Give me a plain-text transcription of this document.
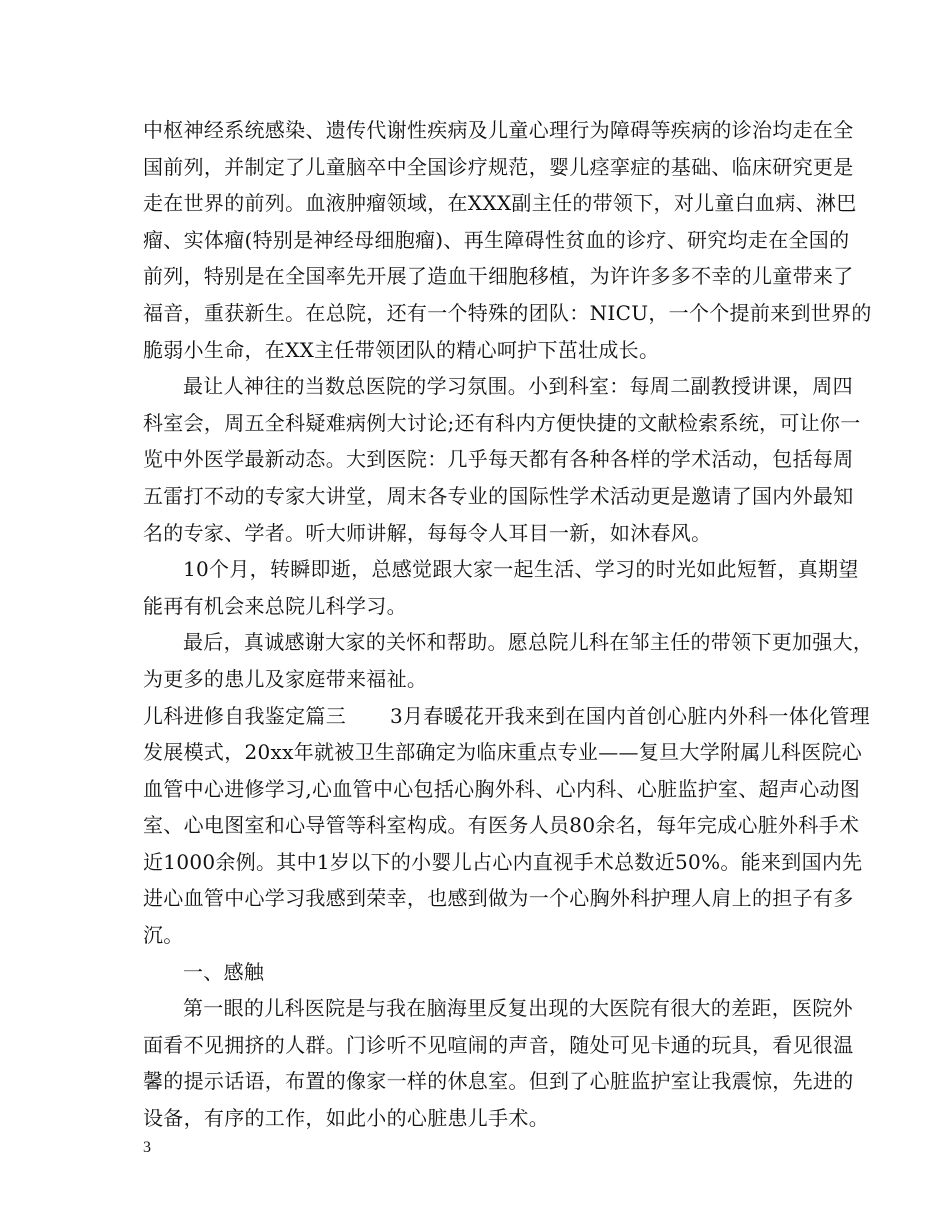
中枢神经系统感染、遗传代谢性疾病及儿童心理行为障碍等疾病的诊治均走在全
国前列，并制定了儿童脑卒中全国诊疗规范，婴儿痉挛症的基础、临床研究更是
走在世界的前列。血液肿瘤领域，在XXX副主任的带领下，对儿童白血病、淋巴
瘤、实体瘤(特别是神经母细胞瘤)、再生障碍性贫血的诊疗、研究均走在全国的
前列，特别是在全国率先开展了造血干细胞移植，为许许多多不幸的儿童带来了
福音，重获新生。在总院，还有一个特殊的团队：NICU，一个个提前来到世界的
脆弱小生命，在XX主任带领团队的精心呵护下茁壮成长。
最让人神往的当数总医院的学习氛围。小到科室：每周二副教授讲课，周四
科室会，周五全科疑难病例大讨论;还有科内方便快捷的文献检索系统，可让你一
览中外医学最新动态。大到医院：几乎每天都有各种各样的学术活动，包括每周
五雷打不动的专家大讲堂，周末各专业的国际性学术活动更是邀请了国内外最知
名的专家、学者。听大师讲解，每每令人耳目一新，如沐春风。
10个月，转瞬即逝，总感觉跟大家一起生活、学习的时光如此短暂，真期望
能再有机会来总院儿科学习。
最后，真诚感谢大家的关怀和帮助。愿总院儿科在邹主任的带领下更加强大，
为更多的患儿及家庭带来福祉。
儿科进修自我鉴定篇三 3月春暖花开我来到在国内首创心脏内外科一体化管理
发展模式，20xx年就被卫生部确定为临床重点专业——复旦大学附属儿科医院心
血管中心进修学习,心血管中心包括心胸外科、心内科、心脏监护室、超声心动图
室、心电图室和心导管等科室构成。有医务人员80余名，每年完成心脏外科手术
近1000余例。其中1岁以下的小婴儿占心内直视手术总数近50%。能来到国内先
进心血管中心学习我感到荣幸，也感到做为一个心胸外科护理人肩上的担子有多
沉。
一、感触
第一眼的儿科医院是与我在脑海里反复出现的大医院有很大的差距，医院外
面看不见拥挤的人群。门诊听不见喧闹的声音，随处可见卡通的玩具，看见很温
馨的提示话语，布置的像家一样的休息室。但到了心脏监护室让我震惊，先进的
设备，有序的工作，如此小的心脏患儿手术。
3
